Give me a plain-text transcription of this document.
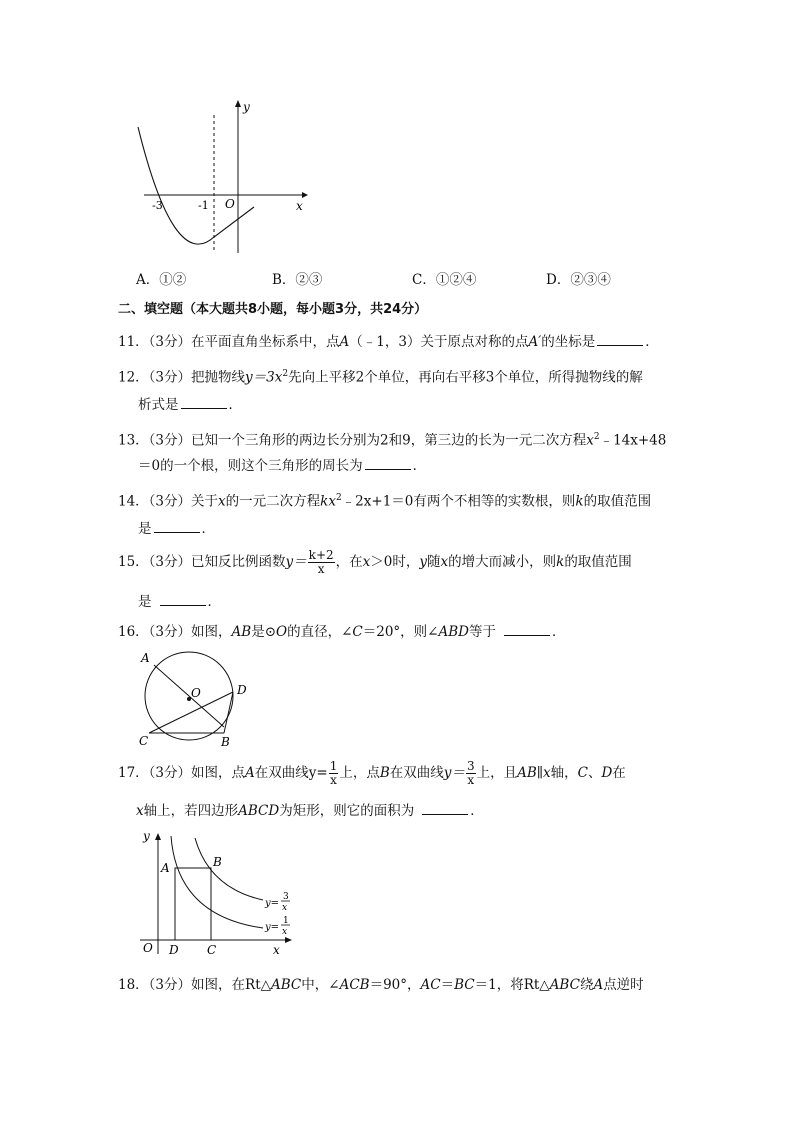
y
x
O
-3	-1
A．①②	B．②③	C．①②④	D．②③④
二、填空题（本大题共8小题，每小题3分，共24分）
11．（3分）在平面直角坐标系中，点A（﹣1，3）关于原点对称的点A′的坐标是	．
12．（3分）把抛物线$y=3x^2$先向上平移2个单位，再向右平移3个单位，所得抛物线的解
析式是	．
13．（3分）已知一个三角形的两边长分别为2和9，第三边的长为一元二次方程$x^2﹣14x+48$
＝0的一个根，则这个三角形的周长为	．
14．（3分）关于x的一元二次方程$kx^2﹣2x+1=0$有两个不相等的实数根，则k的取值范围
是	．
15．（3分）已知反比例函数$y= \frac{k+2}{x}$ ，在x＞0时，y随x的增大而减小，则k的取值范围
是	．
16．（3分）如图，AB是⊙O的直径，∠C＝20°，则∠ABD等于	．
A
O	D
C	B
17．（3分）如图，点A在双曲线$y= \frac{1}{x}$ 上，点B在双曲线$y= \frac{3}{x}$ 上，且AB∥x轴，C、D在
x轴上，若四边形ABCD为矩形，则它的面积为	．
y
x
O D C
A	B
y=
3
x
y=
1
x
18．（3分）如图，在Rt△ABC中，∠ACB＝90°，AC＝BC＝1，将Rt△ABC绕A点逆时
